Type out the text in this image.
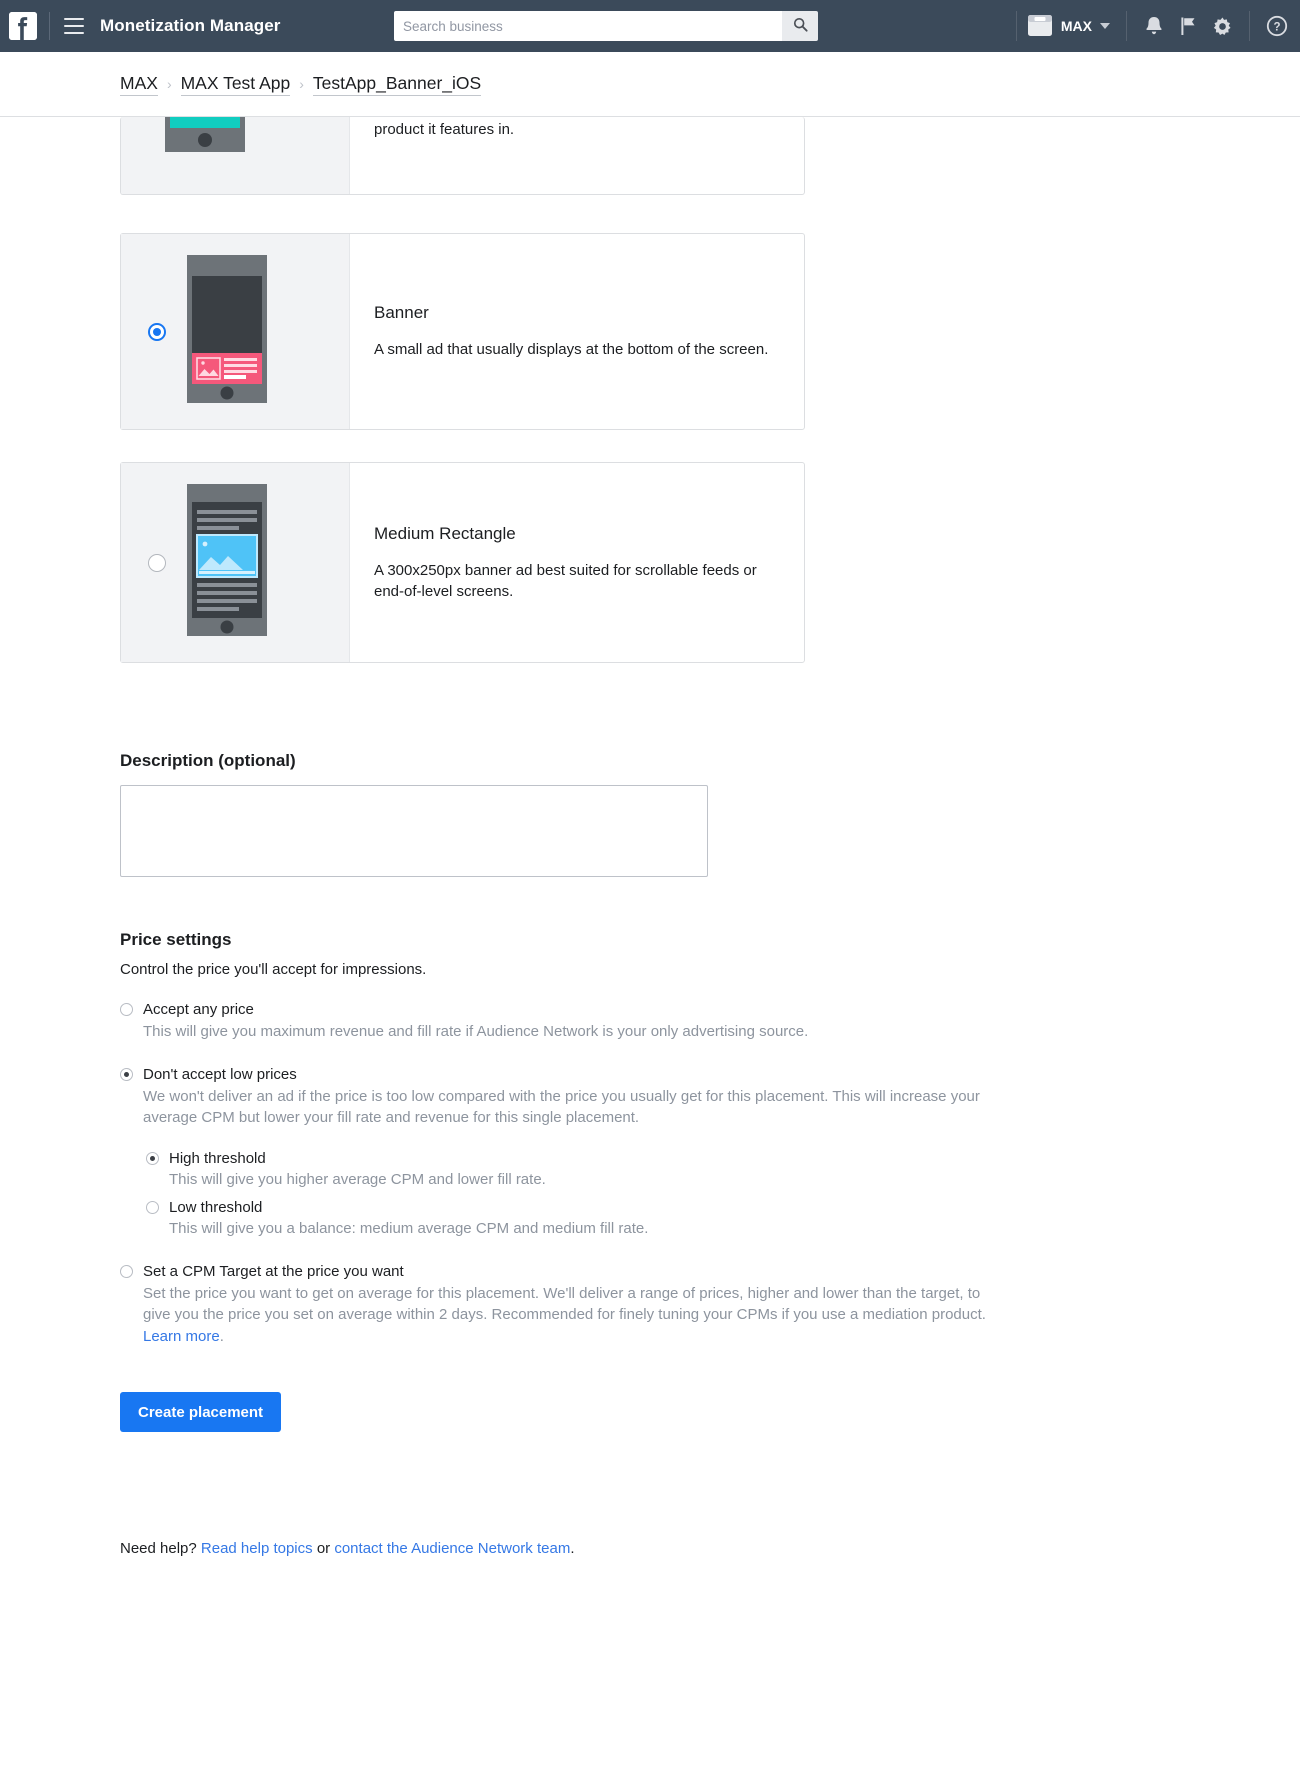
Monetization Manager
Search business	MAX	?
MAX › MAX Test App › TestApp_Banner_iOS
product it features in.
Banner
A small ad that usually displays at the bottom of the screen.
Medium Rectangle
A 300x250px banner ad best suited for scrollable feeds or end-of-level screens.
Description (optional)
Price settings
Control the price you'll accept for impressions.
Accept any price
This will give you maximum revenue and fill rate if Audience Network is your only advertising source.
Don't accept low prices
We won't deliver an ad if the price is too low compared with the price you usually get for this placement. This will increase your average CPM but lower your fill rate and revenue for this single placement.
High threshold
This will give you higher average CPM and lower fill rate.
Low threshold
This will give you a balance: medium average CPM and medium fill rate.
Set a CPM Target at the price you want
Set the price you want to get on average for this placement. We'll deliver a range of prices, higher and lower than the target, to give you the price you set on average within 2 days. Recommended for finely tuning your CPMs if you use a mediation product. Learn more.
Create placement
Need help? Read help topics or contact the Audience Network team.
